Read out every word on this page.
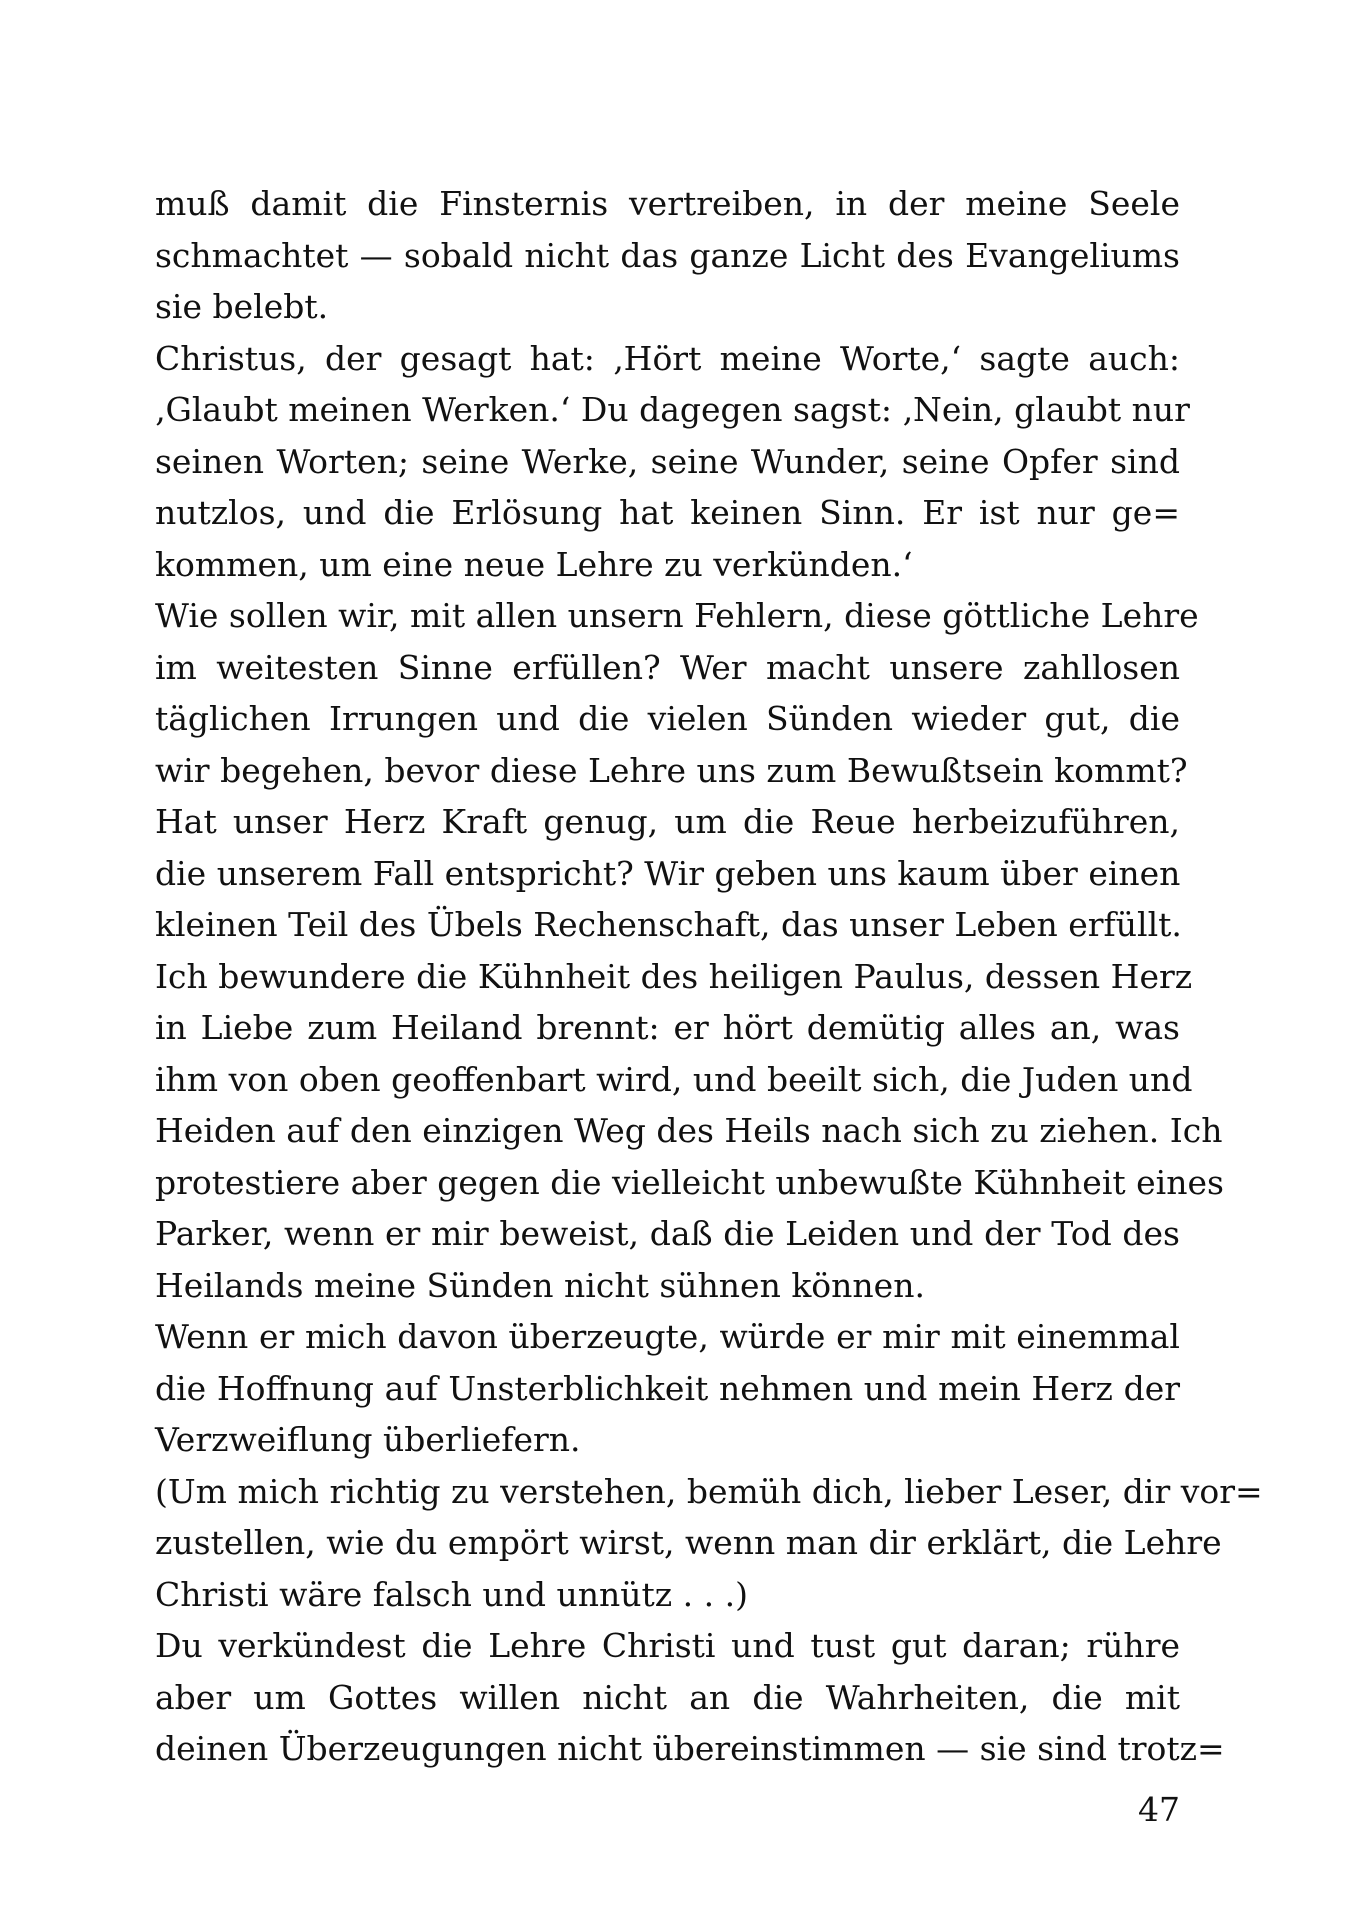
muß damit die Finsternis vertreiben, in der meine Seele
schmachtet — sobald nicht das ganze Licht des Evangeliums
sie belebt.
Christus, der gesagt hat: ‚Hört meine Worte,‘ sagte auch:
‚Glaubt meinen Werken.‘ Du dagegen sagst: ‚Nein, glaubt nur
seinen Worten; seine Werke, seine Wunder, seine Opfer sind
nutzlos, und die Erlösung hat keinen Sinn. Er ist nur ge=
kommen, um eine neue Lehre zu verkünden.‘
Wie sollen wir, mit allen unsern Fehlern, diese göttliche Lehre
im weitesten Sinne erfüllen? Wer macht unsere zahllosen
täglichen Irrungen und die vielen Sünden wieder gut, die
wir begehen, bevor diese Lehre uns zum Bewußtsein kommt?
Hat unser Herz Kraft genug, um die Reue herbeizuführen,
die unserem Fall entspricht? Wir geben uns kaum über einen
kleinen Teil des Übels Rechenschaft, das unser Leben erfüllt.
Ich bewundere die Kühnheit des heiligen Paulus, dessen Herz
in Liebe zum Heiland brennt: er hört demütig alles an, was
ihm von oben geoffenbart wird, und beeilt sich, die Juden und
Heiden auf den einzigen Weg des Heils nach sich zu ziehen. Ich
protestiere aber gegen die vielleicht unbewußte Kühnheit eines
Parker, wenn er mir beweist, daß die Leiden und der Tod des
Heilands meine Sünden nicht sühnen können.
Wenn er mich davon überzeugte, würde er mir mit einemmal
die Hoffnung auf Unsterblichkeit nehmen und mein Herz der
Verzweiflung überliefern.
(Um mich richtig zu verstehen, bemüh dich, lieber Leser, dir vor=
zustellen, wie du empört wirst, wenn man dir erklärt, die Lehre
Christi wäre falsch und unnütz . . .)
Du verkündest die Lehre Christi und tust gut daran; rühre
aber um Gottes willen nicht an die Wahrheiten, die mit
deinen Überzeugungen nicht übereinstimmen — sie sind trotz=
47
